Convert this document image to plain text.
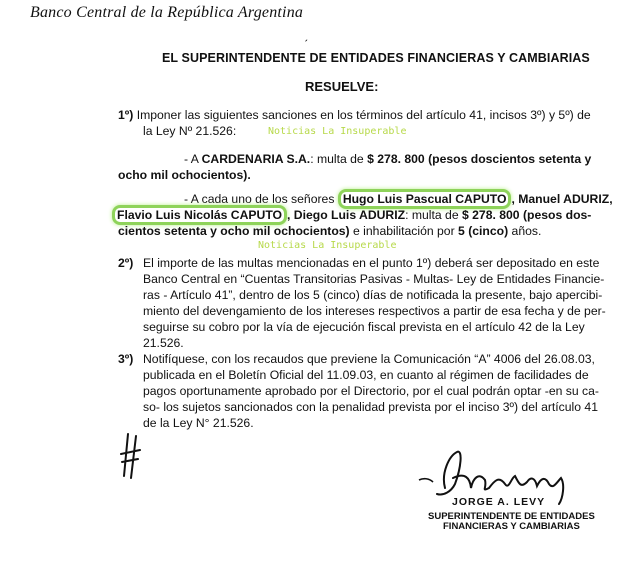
Banco Central de la República Argentina
ˊ
EL SUPERINTENDENTE DE ENTIDADES FINANCIERAS Y CAMBIARIAS
RESUELVE:
1º) Imponer las siguientes sanciones en los términos del artículo 41, incisos 3º) y 5º) de
la Ley Nº 21.526:	Noticias La Insuperable
- A CARDENARIA S.A.: multa de $ 278. 800 (pesos doscientos setenta y
ocho mil ochocientos).
- A cada uno de los señores Hugo Luis Pascual CAPUTO , Manuel ADURIZ,
Flavio Luis Nicolás CAPUTO , Diego Luis ADURIZ: multa de $ 278. 800 (pesos dos-
cientos setenta y ocho mil ochocientos) e inhabilitación por 5 (cinco) años.
Noticias La Insuperable
2º) El importe de las multas mencionadas en el punto 1º) deberá ser depositado en este
Banco Central en “Cuentas Transitorias Pasivas - Multas- Ley de Entidades Financie-
ras - Artículo 41”, dentro de los 5 (cinco) días de notificada la presente, bajo apercibi-
miento del devengamiento de los intereses respectivos a partir de esa fecha y de per-
seguirse su cobro por la vía de ejecución fiscal prevista en el artículo 42 de la Ley
21.526.
3º) Notifíquese, con los recaudos que previene la Comunicación “A” 4006 del 26.08.03,
publicada en el Boletín Oficial del 11.09.03, en cuanto al régimen de facilidades de
pagos oportunamente aprobado por el Directorio, por el cual podrán optar -en su ca-
so- los sujetos sancionados con la penalidad prevista por el inciso 3º) del artículo 41
de la Ley N° 21.526.
JORGE A. LEVY
SUPERINTENDENTE DE ENTIDADES
FINANCIERAS Y CAMBIARIAS
